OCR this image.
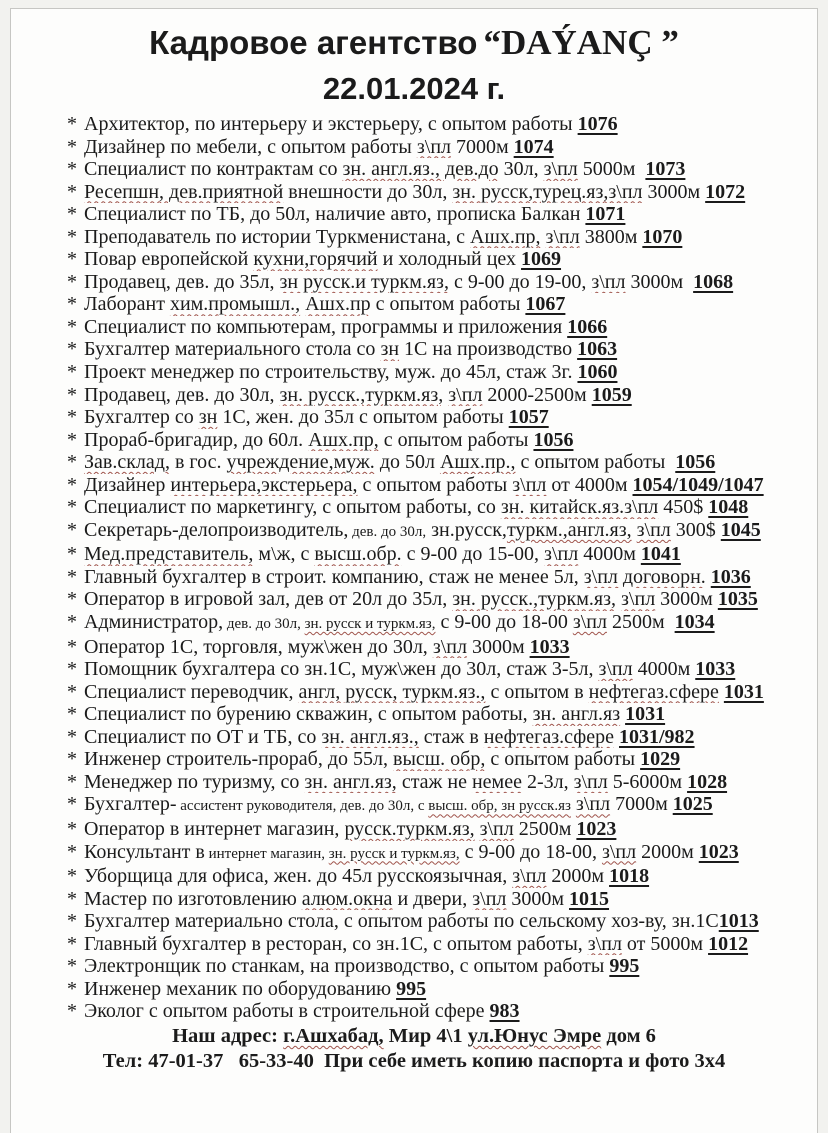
Кадровое агентство “DAÝANÇ ”
22.01.2024 г.
* Архитектор, по интерьеру и экстерьеру, с опытом работы 1076
* Дизайнер по мебели, с опытом работы з\пл 7000м 1074
* Специалист по контрактам со зн. англ.яз., дев.до 30л, з\пл 5000м  1073
* Ресепшн, дев.приятной внешности до 30л, зн. русск,турец.яз,з\пл 3000м 1072
* Специалист по ТБ, до 50л, наличие авто, прописка Балкан 1071
* Преподаватель по истории Туркменистана, с Ашх.пр, з\пл 3800м 1070
* Повар европейской кухни,горячий и холодный цех 1069
* Продавец, дев. до 35л, зн русск.и туркм.яз, с 9-00 до 19-00, з\пл 3000м  1068
* Лаборант хим.промышл., Ашх.пр с опытом работы 1067
* Специалист по компьютерам, программы и приложения 1066
* Бухгалтер материального стола со зн 1С на производство 1063
* Проект менеджер по строительству, муж. до 45л, стаж 3г. 1060
* Продавец, дев. до 30л, зн. русск.,туркм.яз, з\пл 2000-2500м 1059
* Бухгалтер со зн 1С, жен. до 35л с опытом работы 1057
* Прораб-бригадир, до 60л. Ашх.пр, с опытом работы 1056
* Зав.склад, в гос. учреждение,муж. до 50л Ашх.пр., с опытом работы  1056
* Дизайнер интерьера,экстерьера, с опытом работы з\пл от 4000м 1054/1049/1047
* Специалист по маркетингу, с опытом работы, со зн. китайск.яз.з\пл 450$ 1048
* Секретарь-делопроизводитель, дев. до 30л, зн.русск,туркм.,англ.яз, з\пл 300$ 1045
* Мед.представитель, м\ж, с высш.обр. с 9-00 до 15-00, з\пл 4000м 1041
* Главный бухгалтер в строит. компанию, стаж не менее 5л, з\пл договорн. 1036
* Оператор в игровой зал, дев от 20л до 35л, зн. русск.,туркм.яз, з\пл 3000м 1035
* Администратор, дев. до 30л, зн. русск и туркм.яз, с 9-00 до 18-00 з\пл 2500м  1034
* Оператор 1С, торговля, муж\жен до 30л, з\пл 3000м 1033
* Помощник бухгалтера со зн.1С, муж\жен до 30л, стаж 3-5л, з\пл 4000м 1033
* Специалист переводчик, англ, русск, туркм.яз., с опытом в нефтегаз.сфере 1031
* Специалист по бурению скважин, с опытом работы, зн. англ.яз 1031
* Специалист по ОТ и ТБ, со зн. англ.яз., стаж в нефтегаз.сфере 1031/982
* Инженер строитель-прораб, до 55л, высш. обр, с опытом работы 1029
* Менеджер по туризму, со зн. англ.яз, стаж не немее 2-3л, з\пл 5-6000м 1028
* Бухгалтер- ассистент руководителя, дев. до 30л, с высш. обр, зн русск.яз з\пл 7000м 1025
* Оператор в интернет магазин, русск.туркм.яз, з\пл 2500м 1023
* Консультант в интернет магазин, зн. русск и туркм.яз, с 9-00 до 18-00, з\пл 2000м 1023
* Уборщица для офиса, жен. до 45л русскоязычная, з\пл 2000м 1018
* Мастер по изготовлению алюм.окна и двери, з\пл 3000м 1015
* Бухгалтер материально стола, с опытом работы по сельскому хоз-ву, зн.1С1013
* Главный бухгалтер в ресторан, со зн.1С, с опытом работы, з\пл от 5000м 1012
* Электронщик по станкам, на производство, с опытом работы 995
* Инженер механик по оборудованию 995
* Эколог с опытом работы в строительной сфере 983
Наш адрес: г.Ашхабад, Мир 4\1 ул.Юнус Эмре дом 6
Тел: 47-01-37   65-33-40  При себе иметь копию паспорта и фото 3х4
